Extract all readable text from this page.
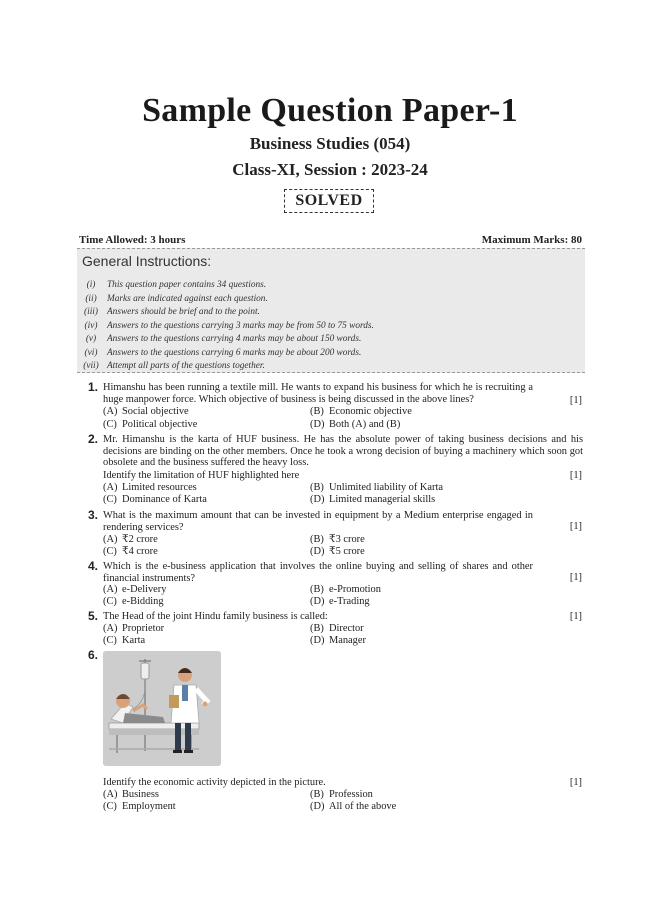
Sample Question Paper-1
Business Studies (054)
Class-XI, Session : 2023-24
SOLVED
Time Allowed: 3 hours	Maximum Marks: 80
General Instructions:
(i)	This question paper contains 34 questions.
(ii)	Marks are indicated against each question.
(iii) Answers should be brief and to the point.
(iv)	Answers to the questions carrying 3 marks may be from 50 to 75 words.
(v)	Answers to the questions carrying 4 marks may be about 150 words.
(vi)	Answers to the questions carrying 6 marks may be about 200 words.
(vii) Attempt all parts of the questions together.
1. Himanshu has been running a textile mill. He wants to expand his business for which he is recruiting a huge manpower force. Which objective of business is being discussed in the above lines?	[1]
(A) Social objective	(B) Economic objective
(C) Political objective	(D) Both (A) and (B)
2. Mr. Himanshu is the karta of HUF business. He has the absolute power of taking business decisions and his decisions are binding on the other members. Once he took a wrong decision of buying a machinery which soon got obsolete and the business suffered the heavy loss.
Identify the limitation of HUF highlighted here	[1]
(A) Limited resources	(B) Unlimited liability of Karta
(C) Dominance of Karta	(D) Limited managerial skills
3. What is the maximum amount that can be invested in equipment by a Medium enterprise engaged in rendering services?	[1]
(A) ₹2 crore	(B) ₹3 crore
(C) ₹4 crore	(D) ₹5 crore
4. Which is the e-business application that involves the online buying and selling of shares and other financial instruments?	[1]
(A) e-Delivery	(B) e-Promotion
(C) e-Bidding	(D) e-Trading
5. The Head of the joint Hindu family business is called:	[1]
(A) Proprietor	(B) Director
(C) Karta	(D) Manager
6.
Identify the economic activity depicted in the picture.	[1]
(A) Business	(B) Profession
(C) Employment	(D) All of the above
